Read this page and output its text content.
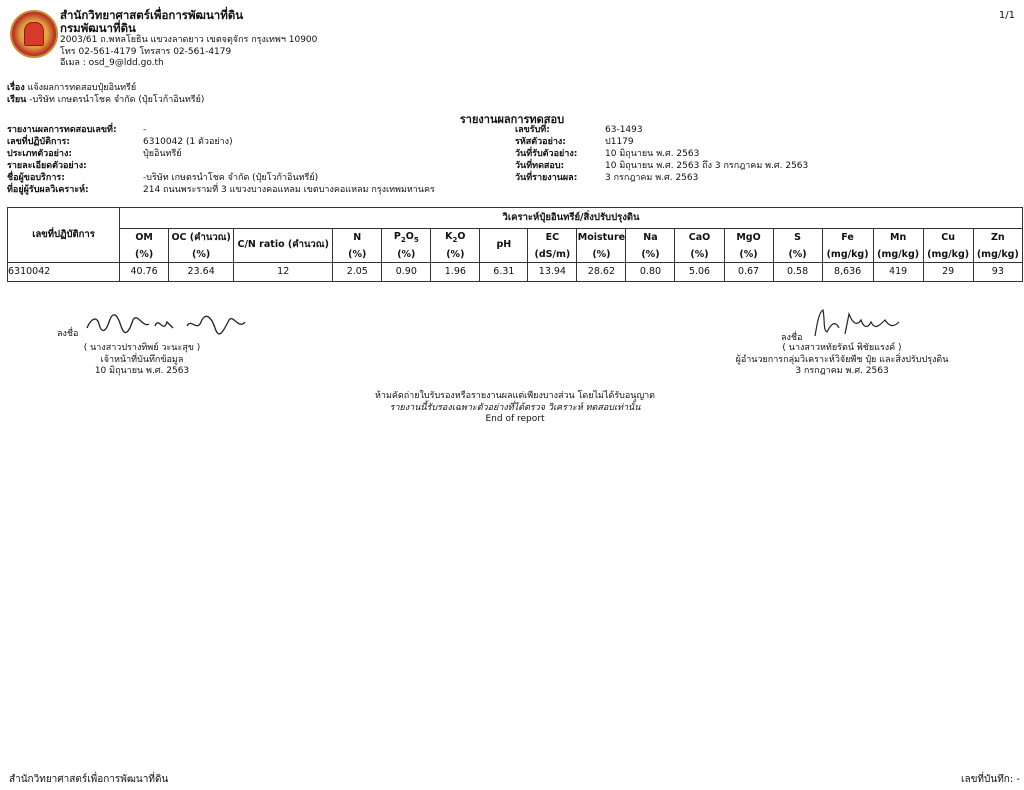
สำนักวิทยาศาสตร์เพื่อการพัฒนาที่ดิน
กรมพัฒนาที่ดิน
2003/61 ถ.พหลโยธิน แขวงลาดยาว เขตจตุจักร กรุงเทพฯ 10900
โทร 02-561-4179 โทรสาร 02-561-4179
อีเมล : osd_9@ldd.go.th
1/1
เรื่อง แจ้งผลการทดสอบปุ๋ยอินทรีย์
เรียน -บริษัท เกษตรนำโชค จำกัด (ปุ๋ยโวก้าอินทรีย์)
รายงานผลการทดสอบ
รายงานผลการทดสอบเลขที่:	-
เลขที่ปฏิบัติการ:	6310042 (1 ตัวอย่าง)
ประเภทตัวอย่าง:	ปุ๋ยอินทรีย์
รายละเอียดตัวอย่าง:
ชื่อผู้ขอบริการ:	-บริษัท เกษตรนำโชค จำกัด (ปุ๋ยโวก้าอินทรีย์)
ที่อยู่ผู้รับผลวิเคราะห์:	214 ถนนพระรามที่ 3 แขวงบางคอแหลม เขตบางคอแหลม กรุงเทพมหานคร
เลขรับที่:	63-1493
รหัสตัวอย่าง:	ป1179
วันที่รับตัวอย่าง:	10 มิถุนายน พ.ศ. 2563
วันที่ทดสอบ:	10 มิถุนายน พ.ศ. 2563 ถึง 3 กรกฎาคม พ.ศ. 2563
วันที่รายงานผล:	3 กรกฎาคม พ.ศ. 2563
เลขที่ปฏิบัติการ	วิเคราะห์ปุ๋ยอินทรีย์/สิ่งปรับปรุงดิน																
	OM	OC (คำนวณ)	C/N ratio (คำนวณ)	N	$P_2O_5$	$K_2O$	pH	EC	Moisture	Na	CaO	MgO	S	Fe	Mn	Cu	Zn
	(%)	(%)		(%)	(%)	(%)		(dS/m)	(%)	(%)	(%)	(%)	(%)	(mg/kg)	(mg/kg)	(mg/kg)	(mg/kg)
6310042	40.76	23.64	12	2.05	0.90	1.96	6.31	13.94	28.62	0.80	5.06	0.67	0.58	8,636	419	29	93
ลงชื่อ
( นางสาวปรางทิพย์ วะนะสุข )
เจ้าหน้าที่บันทึกข้อมูล
10 มิถุนายน พ.ศ. 2563
ลงชื่อ
( นางสาวหทัยรัตน์ พิชัยแรงค์ )
ผู้อำนวยการกลุ่มวิเคราะห์วิจัยพืช ปุ๋ย และสิ่งปรับปรุงดิน
3 กรกฎาคม พ.ศ. 2563
ห้ามคัดถ่ายใบรับรองหรือรายงานผลแต่เพียงบางส่วน โดยไม่ได้รับอนุญาต
รายงานนี้รับรองเฉพาะตัวอย่างที่ได้ตรวจ วิเคราะห์ ทดสอบเท่านั้น
End of report
สำนักวิทยาศาสตร์เพื่อการพัฒนาที่ดิน	เลขที่บันทึก: -
